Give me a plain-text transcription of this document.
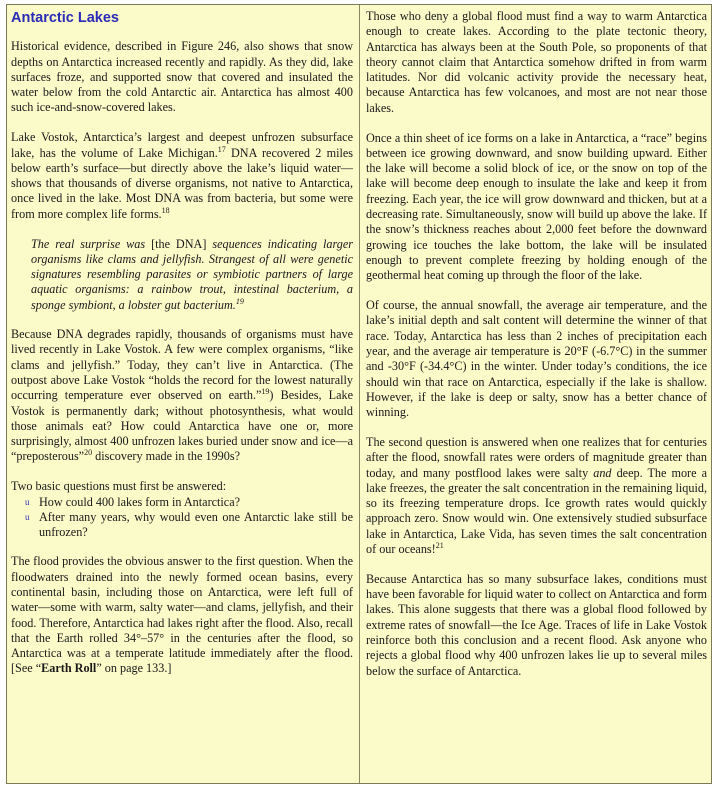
Antarctic Lakes

Historical evidence, described in Figure 246, also shows that snow depths on Antarctica increased recently and rapidly. As they did, lake surfaces froze, and supported snow that covered and insulated the water below from the cold Antarctic air. Antarctica has almost 400 such ice-and-snow-covered lakes.

Lake Vostok, Antarctica’s largest and deepest unfrozen subsurface lake, has the volume of Lake Michigan.$^{17}$ DNA recovered 2 miles below earth’s surface—but directly above the lake’s liquid water—shows that thousands of diverse organisms, not native to Antarctica, once lived in the lake. Most DNA was from bacteria, but some were from more complex life forms.$^{18}$

The real surprise was [the DNA] sequences indicating larger organisms like clams and jellyfish. Strangest of all were genetic signatures resembling parasites or symbiotic partners of large aquatic organisms: a rainbow trout, intestinal bacterium, a sponge symbiont, a lobster gut bacterium.$^{19}$

Because DNA degrades rapidly, thousands of organisms must have lived recently in Lake Vostok. A few were complex organisms, “like clams and jellyfish.” Today, they can’t live in Antarctica. (The outpost above Lake Vostok “holds the record for the lowest naturally occurring temperature ever observed on earth.”$^{19}$) Besides, Lake Vostok is permanently dark; without photosynthesis, what would those animals eat? How could Antarctica have one or, more surprisingly, almost 400 unfrozen lakes buried under snow and ice—a “preposterous”$^{20}$ discovery made in the 1990s?

Two basic questions must first be answered:

u How could 400 lakes form in Antarctica?
u After many years, why would even one Antarctic lake still be unfrozen?

The flood provides the obvious answer to the first question. When the floodwaters drained into the newly formed ocean basins, every continental basin, including those on Antarctica, were left full of water—some with warm, salty water—and clams, jellyfish, and their food. Therefore, Antarctica had lakes right after the flood. Also, recall that the Earth rolled 34°–57° in the centuries after the flood, so Antarctica was at a temperate latitude immediately after the flood. [See “Earth Roll” on page 133.]

Those who deny a global flood must find a way to warm Antarctica enough to create lakes. According to the plate tectonic theory, Antarctica has always been at the South Pole, so proponents of that theory cannot claim that Antarctica somehow drifted in from warm latitudes. Nor did volcanic activity provide the necessary heat, because Antarctica has few volcanoes, and most are not near those lakes.

Once a thin sheet of ice forms on a lake in Antarctica, a “race” begins between ice growing downward, and snow building upward. Either the lake will become a solid block of ice, or the snow on top of the lake will become deep enough to insulate the lake and keep it from freezing. Each year, the ice will grow downward and thicken, but at a decreasing rate. Simultaneously, snow will build up above the lake. If the snow’s thickness reaches about 2,000 feet before the downward growing ice touches the lake bottom, the lake will be insulated enough to prevent complete freezing by holding enough of the geothermal heat coming up through the floor of the lake.

Of course, the annual snowfall, the average air temperature, and the lake’s initial depth and salt content will determine the winner of that race. Today, Antarctica has less than 2 inches of precipitation each year, and the average air temperature is 20°F (-6.7°C) in the summer and -30°F (-34.4°C) in the winter. Under today’s conditions, the ice should win that race on Antarctica, especially if the lake is shallow. However, if the lake is deep or salty, snow has a better chance of winning.

The second question is answered when one realizes that for centuries after the flood, snowfall rates were orders of magnitude greater than today, and many postflood lakes were salty and deep. The more a lake freezes, the greater the salt concentration in the remaining liquid, so its freezing temperature drops. Ice growth rates would quickly approach zero. Snow would win. One extensively studied subsurface lake in Antarctica, Lake Vida, has seven times the salt concentration of our oceans!$^{21}$

Because Antarctica has so many subsurface lakes, conditions must have been favorable for liquid water to collect on Antarctica and form lakes. This alone suggests that there was a global flood followed by extreme rates of snowfall—the Ice Age. Traces of life in Lake Vostok reinforce both this conclusion and a recent flood. Ask anyone who rejects a global flood why 400 unfrozen lakes lie up to several miles below the surface of Antarctica.
